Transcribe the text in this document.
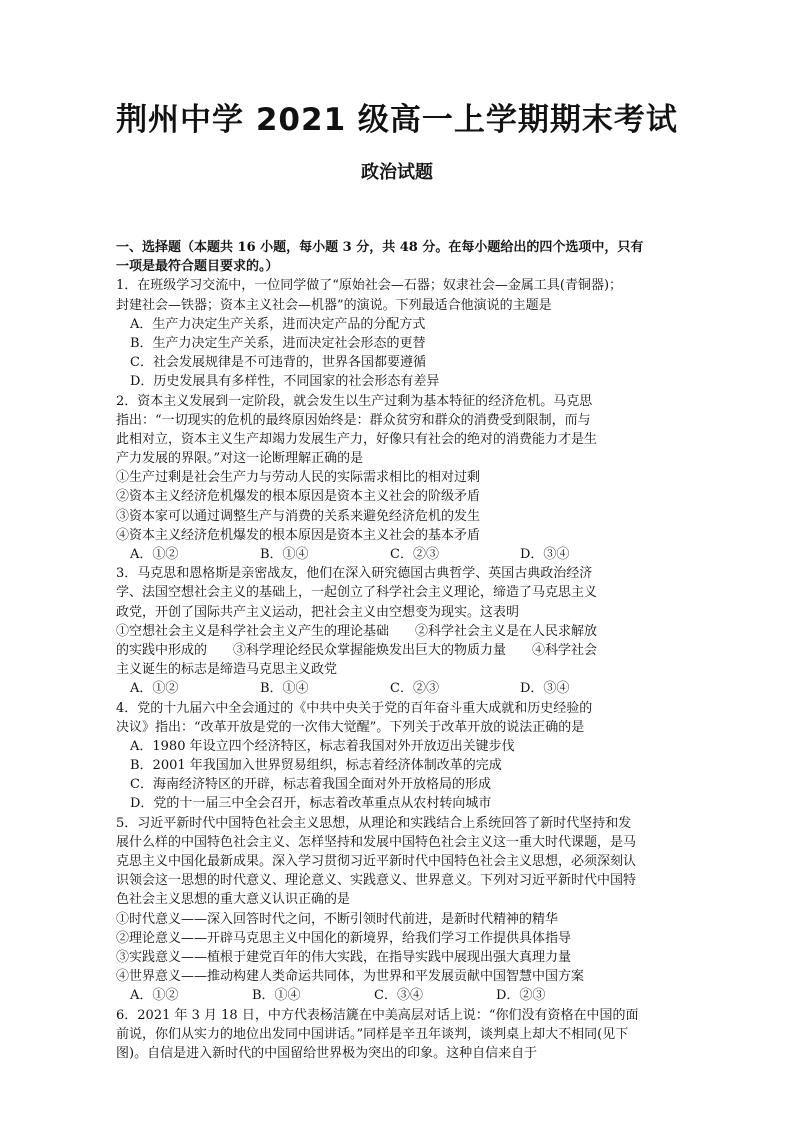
荆州中学 2021 级高一上学期期末考试
政治试题
一、选择题（本题共 16 小题，每小题 3 分，共 48 分。在每小题给出的四个选项中，只有
一项是最符合题目要求的。）
1．在班级学习交流中，一位同学做了“原始社会—石器；奴隶社会—金属工具(青铜器)；
封建社会—铁器；资本主义社会—机器”的演说。下列最适合他演说的主题是
A．生产力决定生产关系，进而决定产品的分配方式
B．生产力决定生产关系，进而决定社会形态的更替
C．社会发展规律是不可违背的，世界各国都要遵循
D．历史发展具有多样性，不同国家的社会形态有差异
2．资本主义发展到一定阶段，就会发生以生产过剩为基本特征的经济危机。马克思
指出：“一切现实的危机的最终原因始终是：群众贫穷和群众的消费受到限制，而与
此相对立，资本主义生产却竭力发展生产力，好像只有社会的绝对的消费能力才是生
产力发展的界限。”对这一论断理解正确的是
①生产过剩是社会生产力与劳动人民的实际需求相比的相对过剩
②资本主义经济危机爆发的根本原因是资本主义社会的阶级矛盾
③资本家可以通过调整生产与消费的关系来避免经济危机的发生
④资本主义经济危机爆发的根本原因是资本主义社会的基本矛盾
A．①②	B．①④	C．②③	D．③④
3．马克思和恩格斯是亲密战友，他们在深入研究德国古典哲学、英国古典政治经济
学、法国空想社会主义的基础上，一起创立了科学社会主义理论，缔造了马克思主义
政党，开创了国际共产主义运动，把社会主义由空想变为现实。这表明
①空想社会主义是科学社会主义产生的理论基础　　②科学社会主义是在人民求解放
的实践中形成的　　③科学理论经民众掌握能焕发出巨大的物质力量　　④科学社会
主义诞生的标志是缔造马克思主义政党
A．①②	B．①④	C．②③	D．③④
4．党的十九届六中全会通过的《中共中央关于党的百年奋斗重大成就和历史经验的
决议》指出：“改革开放是党的一次伟大觉醒”。下列关于改革开放的说法正确的是
A．1980 年设立四个经济特区，标志着我国对外开放迈出关键步伐
B．2001 年我国加入世界贸易组织，标志着经济体制改革的完成
C．海南经济特区的开辟，标志着我国全面对外开放格局的形成
D．党的十一届三中全会召开，标志着改革重点从农村转向城市
5．习近平新时代中国特色社会主义思想，从理论和实践结合上系统回答了新时代坚持和发
展什么样的中国特色社会主义、怎样坚持和发展中国特色社会主义这一重大时代课题，是马
克思主义中国化最新成果。深入学习贯彻习近平新时代中国特色社会主义思想，必须深刻认
识领会这一思想的时代意义、理论意义、实践意义、世界意义。下列对习近平新时代中国特
色社会主义思想的重大意义认识正确的是
①时代意义——深入回答时代之问，不断引领时代前进，是新时代精神的精华
②理论意义——开辟马克思主义中国化的新境界，给我们学习工作提供具体指导
③实践意义——植根于建党百年的伟大实践，在指导实践中展现出强大真理力量
④世界意义——推动构建人类命运共同体，为世界和平发展贡献中国智慧中国方案
A．①②	B．①④	C．③④	D．②③
6．2021 年 3 月 18 日，中方代表杨洁篪在中美高层对话上说：“你们没有资格在中国的面
前说，你们从实力的地位出发同中国讲话。”同样是辛丑年谈判，谈判桌上却大不相同(见下
图)。自信是进入新时代的中国留给世界极为突出的印象。这种自信来自于
